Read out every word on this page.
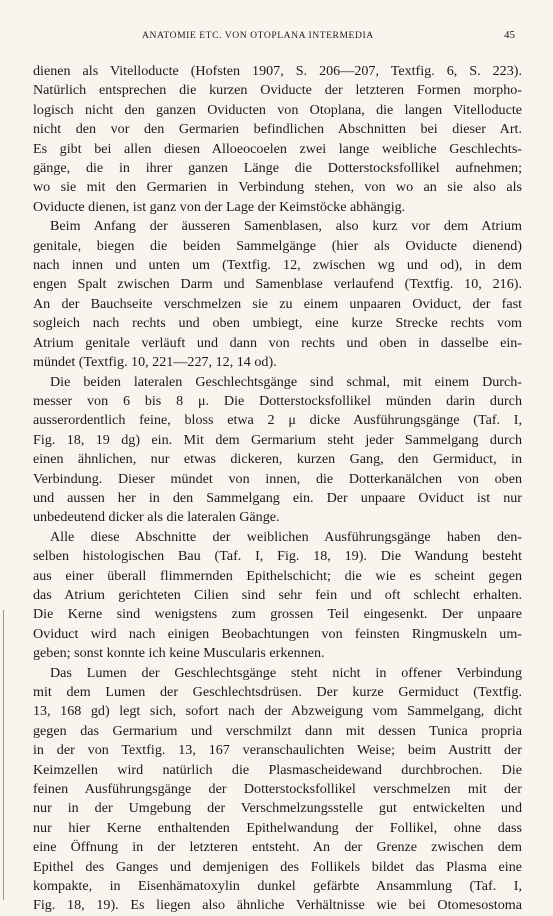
ANATOMIE ETC. VON OTOPLANA INTERMEDIA	45
dienen als Vitelloducte (Hofsten 1907, S. 206—207, Textfig. 6, S. 223).
Natürlich entsprechen die kurzen Oviducte der letzteren Formen morpho-
logisch nicht den ganzen Oviducten von Otoplana, die langen Vitelloducte
nicht den vor den Germarien befindlichen Abschnitten bei dieser Art.
Es gibt bei allen diesen Alloeocoelen zwei lange weibliche Geschlechts-
gänge, die in ihrer ganzen Länge die Dotterstocksfollikel aufnehmen;
wo sie mit den Germarien in Verbindung stehen, von wo an sie also als
Oviducte dienen, ist ganz von der Lage der Keimstöcke abhängig.
Beim Anfang der äusseren Samenblasen, also kurz vor dem Atrium
genitale, biegen die beiden Sammelgänge (hier als Oviducte dienend)
nach innen und unten um (Textfig. 12, zwischen wg und od), in dem
engen Spalt zwischen Darm und Samenblase verlaufend (Textfig. 10, 216).
An der Bauchseite verschmelzen sie zu einem unpaaren Oviduct, der fast
sogleich nach rechts und oben umbiegt, eine kurze Strecke rechts vom
Atrium genitale verläuft und dann von rechts und oben in dasselbe ein-
mündet (Textfig. 10, 221—227, 12, 14 od).
Die beiden lateralen Geschlechtsgänge sind schmal, mit einem Durch-
messer von 6 bis 8 μ. Die Dotterstocksfollikel münden darin durch
ausserordentlich feine, bloss etwa 2 μ dicke Ausführungsgänge (Taf. I,
Fig. 18, 19 dg) ein. Mit dem Germarium steht jeder Sammelgang durch
einen ähnlichen, nur etwas dickeren, kurzen Gang, den Germiduct, in
Verbindung. Dieser mündet von innen, die Dotterkanälchen von oben
und aussen her in den Sammelgang ein. Der unpaare Oviduct ist nur
unbedeutend dicker als die lateralen Gänge.
Alle diese Abschnitte der weiblichen Ausführungsgänge haben den-
selben histologischen Bau (Taf. I, Fig. 18, 19). Die Wandung besteht
aus einer überall flimmernden Epithelschicht; die wie es scheint gegen
das Atrium gerichteten Cilien sind sehr fein und oft schlecht erhalten.
Die Kerne sind wenigstens zum grossen Teil eingesenkt. Der unpaare
Oviduct wird nach einigen Beobachtungen von feinsten Ringmuskeln um-
geben; sonst konnte ich keine Muscularis erkennen.
Das Lumen der Geschlechtsgänge steht nicht in offener Verbindung
mit dem Lumen der Geschlechtsdrüsen. Der kurze Germiduct (Textfig.
13, 168 gd) legt sich, sofort nach der Abzweigung vom Sammelgang, dicht
gegen das Germarium und verschmilzt dann mit dessen Tunica propria
in der von Textfig. 13, 167 veranschaulichten Weise; beim Austritt der
Keimzellen wird natürlich die Plasmascheidewand durchbrochen. Die
feinen Ausführungsgänge der Dotterstocksfollikel verschmelzen mit der
nur in der Umgebung der Verschmelzungsstelle gut entwickelten und
nur hier Kerne enthaltenden Epithelwandung der Follikel, ohne dass
eine Öffnung in der letzteren entsteht. An der Grenze zwischen dem
Epithel des Ganges und demjenigen des Follikels bildet das Plasma eine
kompakte, in Eisenhämatoxylin dunkel gefärbte Ansammlung (Taf. I,
Fig. 18, 19). Es liegen also ähnliche Verhältnisse wie bei Otomesostoma
